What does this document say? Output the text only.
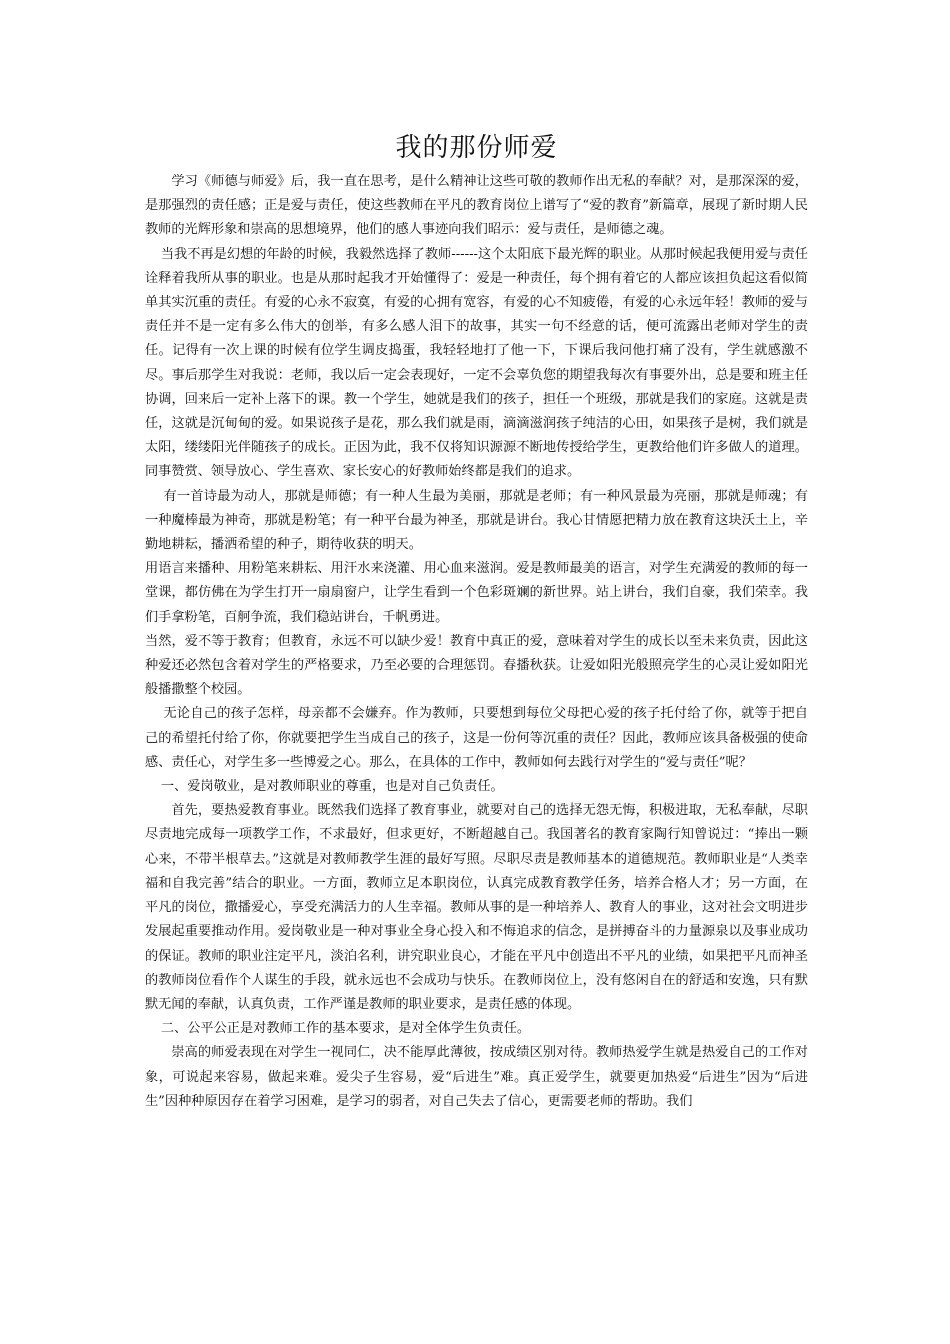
我的那份师爱

学习《师德与师爱》后，我一直在思考，是什么精神让这些可敬的教师作出无私的奉献？对，是那深深的爱，是那强烈的责任感；正是爱与责任，使这些教师在平凡的教育岗位上谱写了“爱的教育”新篇章，展现了新时期人民教师的光辉形象和崇高的思想境界，他们的感人事迹向我们昭示：爱与责任，是师德之魂。

当我不再是幻想的年龄的时候，我毅然选择了教师------这个太阳底下最光辉的职业。从那时候起我便用爱与责任诠释着我所从事的职业。也是从那时起我才开始懂得了：爱是一种责任，每个拥有着它的人都应该担负起这看似简单其实沉重的责任。有爱的心永不寂寞，有爱的心拥有宽容，有爱的心不知疲倦，有爱的心永远年轻！教师的爱与责任并不是一定有多么伟大的创举，有多么感人泪下的故事，其实一句不经意的话，便可流露出老师对学生的责任。记得有一次上课的时候有位学生调皮捣蛋，我轻轻地打了他一下，下课后我问他打痛了没有，学生就感激不尽。事后那学生对我说：老师，我以后一定会表现好，一定不会辜负您的期望我每次有事要外出，总是要和班主任协调，回来后一定补上落下的课。教一个学生，她就是我们的孩子，担任一个班级，那就是我们的家庭。这就是责任，这就是沉甸甸的爱。如果说孩子是花，那么我们就是雨，滴滴滋润孩子纯洁的心田，如果孩子是树，我们就是太阳，缕缕阳光伴随孩子的成长。正因为此，我不仅将知识源源不断地传授给学生，更教给他们许多做人的道理。同事赞赏、领导放心、学生喜欢、家长安心的好教师始终都是我们的追求。

有一首诗最为动人，那就是师德；有一种人生最为美丽，那就是老师；有一种风景最为亮丽，那就是师魂；有一种魔棒最为神奇，那就是粉笔；有一种平台最为神圣，那就是讲台。我心甘情愿把精力放在教育这块沃土上，辛勤地耕耘，播洒希望的种子，期待收获的明天。

用语言来播种、用粉笔来耕耘、用汗水来浇灌、用心血来滋润。爱是教师最美的语言，对学生充满爱的教师的每一堂课，都仿佛在为学生打开一扇扇窗户，让学生看到一个色彩斑斓的新世界。站上讲台，我们自豪，我们荣幸。我们手拿粉笔，百舸争流，我们稳站讲台，千帆勇进。

当然，爱不等于教育；但教育，永远不可以缺少爱！教育中真正的爱，意味着对学生的成长以至未来负责，因此这种爱还必然包含着对学生的严格要求，乃至必要的合理惩罚。春播秋获。让爱如阳光般照亮学生的心灵让爱如阳光般播撒整个校园。

无论自己的孩子怎样，母亲都不会嫌弃。作为教师，只要想到每位父母把心爱的孩子托付给了你，就等于把自己的希望托付给了你，你就要把学生当成自己的孩子，这是一份何等沉重的责任？因此，教师应该具备极强的使命感、责任心，对学生多一些博爱之心。那么，在具体的工作中，教师如何去践行对学生的“爱与责任”呢？

一、爱岗敬业，是对教师职业的尊重，也是对自己负责任。

首先，要热爱教育事业。既然我们选择了教育事业，就要对自己的选择无怨无悔，积极进取，无私奉献，尽职尽责地完成每一项教学工作，不求最好，但求更好，不断超越自己。我国著名的教育家陶行知曾说过：“捧出一颗心来，不带半根草去。”这就是对教师教学生涯的最好写照。尽职尽责是教师基本的道德规范。教师职业是“人类幸福和自我完善”结合的职业。一方面，教师立足本职岗位，认真完成教育教学任务，培养合格人才；另一方面，在平凡的岗位，撒播爱心，享受充满活力的人生幸福。教师从事的是一种培养人、教育人的事业，这对社会文明进步发展起重要推动作用。爱岗敬业是一种对事业全身心投入和不悔追求的信念，是拼搏奋斗的力量源泉以及事业成功的保证。教师的职业注定平凡，淡泊名利，讲究职业良心，才能在平凡中创造出不平凡的业绩，如果把平凡而神圣的教师岗位看作个人谋生的手段，就永远也不会成功与快乐。在教师岗位上，没有悠闲自在的舒适和安逸，只有默默无闻的奉献，认真负责，工作严谨是教师的职业要求，是责任感的体现。

二、公平公正是对教师工作的基本要求，是对全体学生负责任。

崇高的师爱表现在对学生一视同仁，决不能厚此薄彼，按成绩区别对待。教师热爱学生就是热爱自己的工作对象，可说起来容易，做起来难。爱尖子生容易，爱“后进生”难。真正爱学生，就要更加热爱“后进生”因为“后进生”因种种原因存在着学习困难，是学习的弱者，对自己失去了信心，更需要老师的帮助。我们
